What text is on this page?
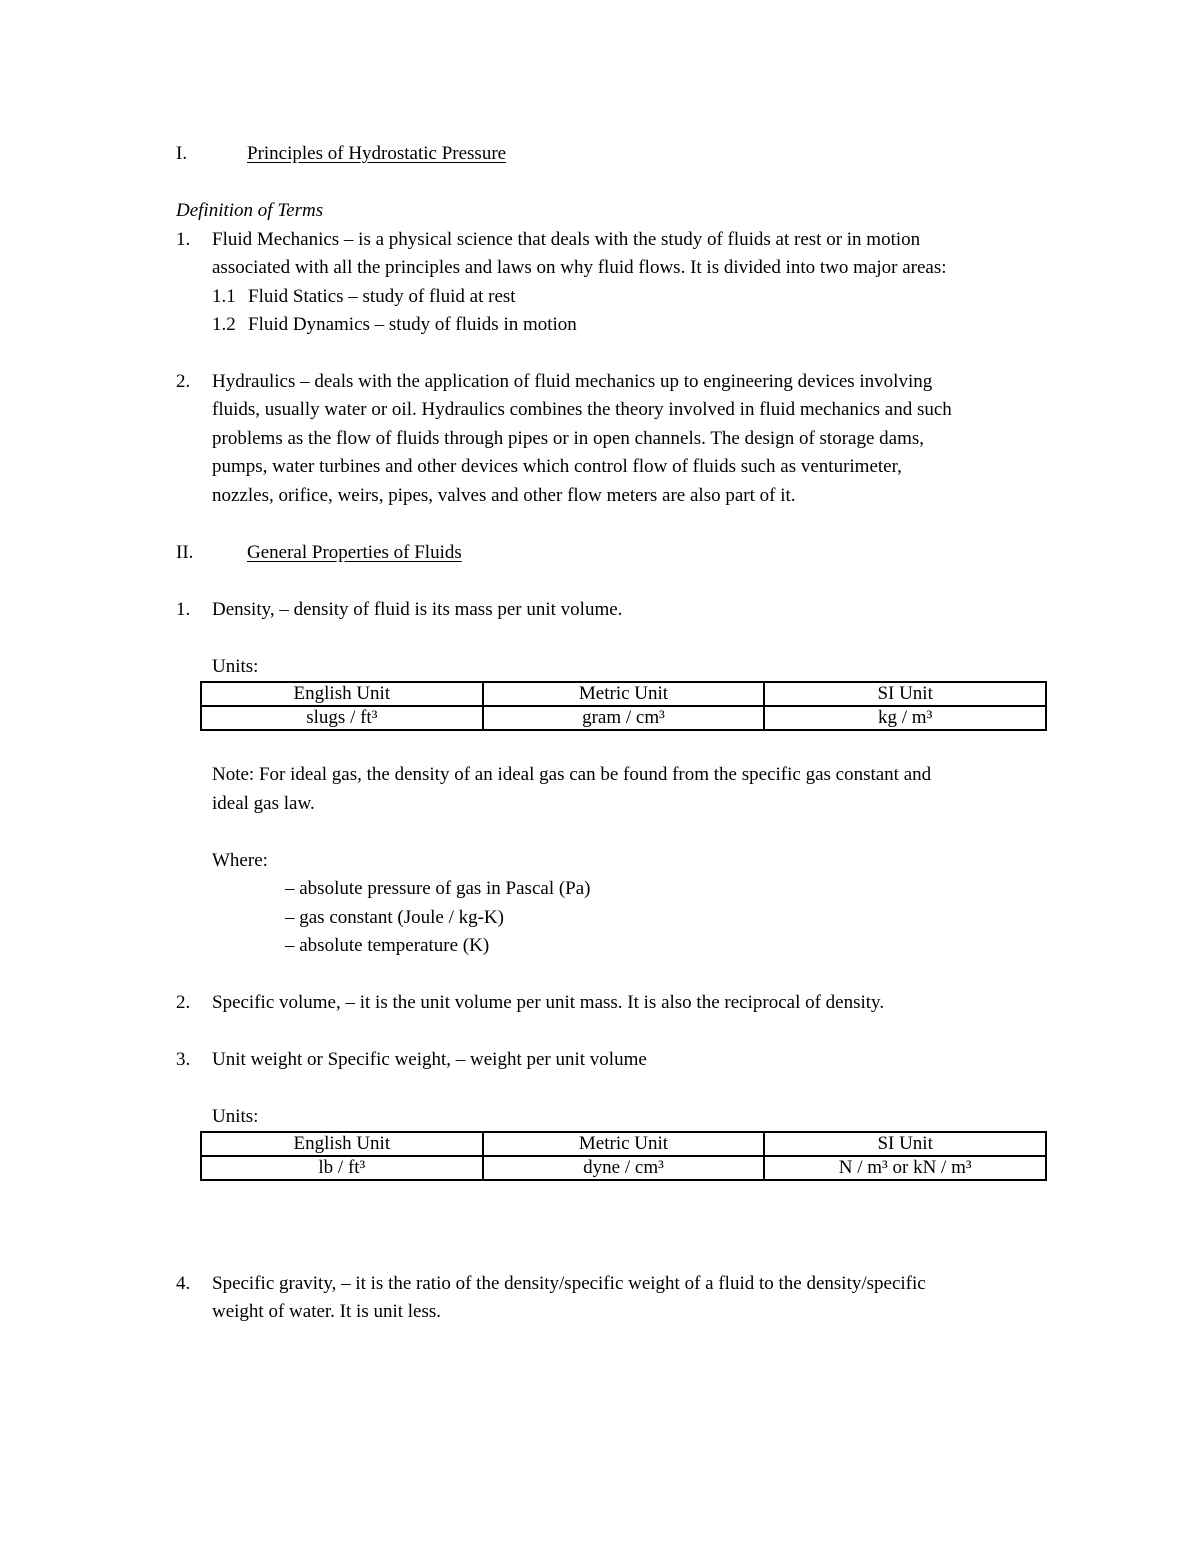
I.	Principles of Hydrostatic Pressure
Definition of Terms
1. Fluid Mechanics – is a physical science that deals with the study of fluids at rest or in motion
associated with all the principles and laws on why fluid flows. It is divided into two major areas:
1.1 Fluid Statics – study of fluid at rest
1.2 Fluid Dynamics – study of fluids in motion
2. Hydraulics – deals with the application of fluid mechanics up to engineering devices involving
fluids, usually water or oil. Hydraulics combines the theory involved in fluid mechanics and such
problems as the flow of fluids through pipes or in open channels. The design of storage dams,
pumps, water turbines and other devices which control flow of fluids such as venturimeter,
nozzles, orifice, weirs, pipes, valves and other flow meters are also part of it.
II.	General Properties of Fluids
1. Density, – density of fluid is its mass per unit volume.
Units:
English Unit	Metric Unit	SI Unit
slugs / ft³	gram / cm³	kg / m³
Note: For ideal gas, the density of an ideal gas can be found from the specific gas constant and
ideal gas law.
Where:
– absolute pressure of gas in Pascal (Pa)
– gas constant (Joule / kg-K)
– absolute temperature (K)
2. Specific volume, – it is the unit volume per unit mass. It is also the reciprocal of density.
3. Unit weight or Specific weight, – weight per unit volume
Units:
English Unit	Metric Unit	SI Unit
lb / ft³	dyne / cm³	N / m³ or kN / m³
4. Specific gravity, – it is the ratio of the density/specific weight of a fluid to the density/specific
weight of water. It is unit less.
